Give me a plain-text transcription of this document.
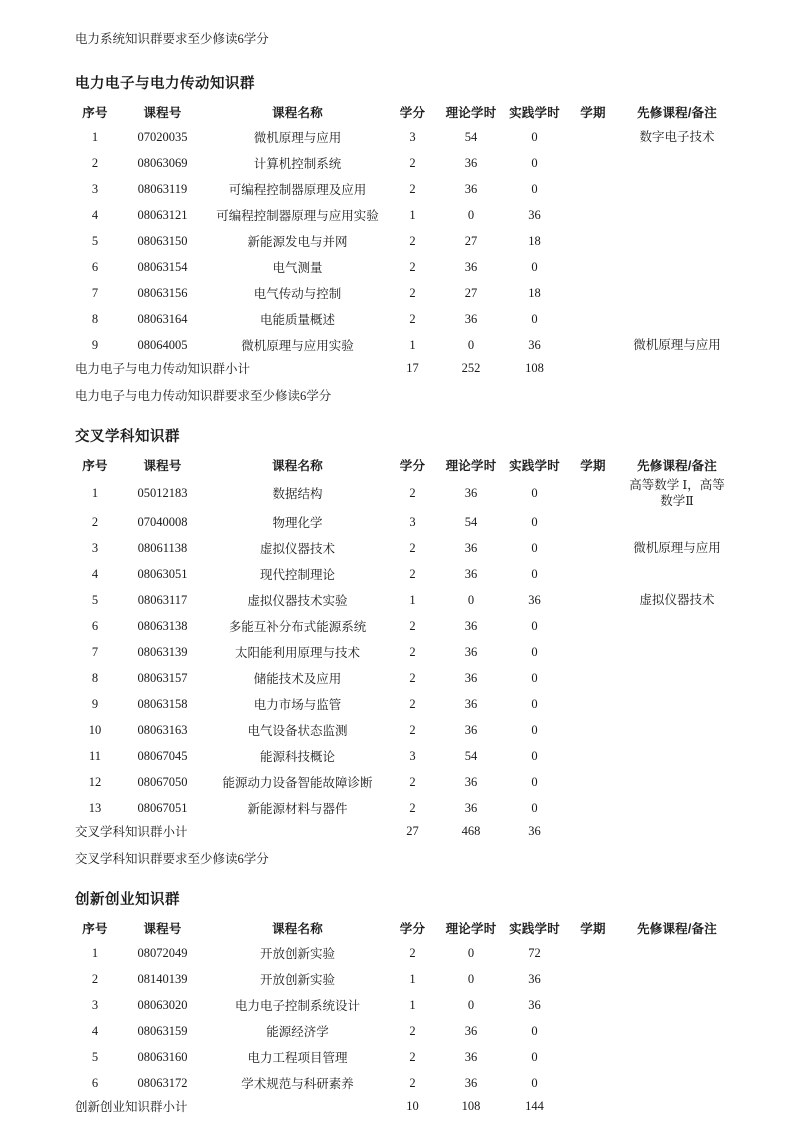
电力系统知识群要求至少修读6学分
电力电子与电力传动知识群
序号	课程号	课程名称	学分	理论学时	实践学时	学期	先修课程/备注
1	07020035	微机原理与应用	3	54	0		数字电子技术
2	08063069	计算机控制系统	2	36	0		
3	08063119	可编程控制器原理及应用	2	36	0		
4	08063121	可编程控制器原理与应用实验	1	0	36		
5	08063150	新能源发电与并网	2	27	18		
6	08063154	电气测量	2	36	0		
7	08063156	电气传动与控制	2	27	18		
8	08063164	电能质量概述	2	36	0		
9	08064005	微机原理与应用实验	1	0	36		微机原理与应用
电力电子与电力传动知识群小计			17	252	108		
电力电子与电力传动知识群要求至少修读6学分
交叉学科知识群
序号	课程号	课程名称	学分	理论学时	实践学时	学期	先修课程/备注
1	05012183	数据结构	2	36	0		高等数学 Ⅰ，高等
数学Ⅱ
2	07040008	物理化学	3	54	0		
3	08061138	虚拟仪器技术	2	36	0		微机原理与应用
4	08063051	现代控制理论	2	36	0		
5	08063117	虚拟仪器技术实验	1	0	36		虚拟仪器技术
6	08063138	多能互补分布式能源系统	2	36	0		
7	08063139	太阳能利用原理与技术	2	36	0		
8	08063157	储能技术及应用	2	36	0		
9	08063158	电力市场与监管	2	36	0		
10	08063163	电气设备状态监测	2	36	0		
11	08067045	能源科技概论	3	54	0		
12	08067050	能源动力设备智能故障诊断	2	36	0		
13	08067051	新能源材料与器件	2	36	0		
交叉学科知识群小计			27	468	36		
交叉学科知识群要求至少修读6学分
创新创业知识群
序号	课程号	课程名称	学分	理论学时	实践学时	学期	先修课程/备注
1	08072049	开放创新实验	2	0	72		
2	08140139	开放创新实验	1	0	36		
3	08063020	电力电子控制系统设计	1	0	36		
4	08063159	能源经济学	2	36	0		
5	08063160	电力工程项目管理	2	36	0		
6	08063172	学术规范与科研素养	2	36	0		
创新创业知识群小计			10	108	144		
